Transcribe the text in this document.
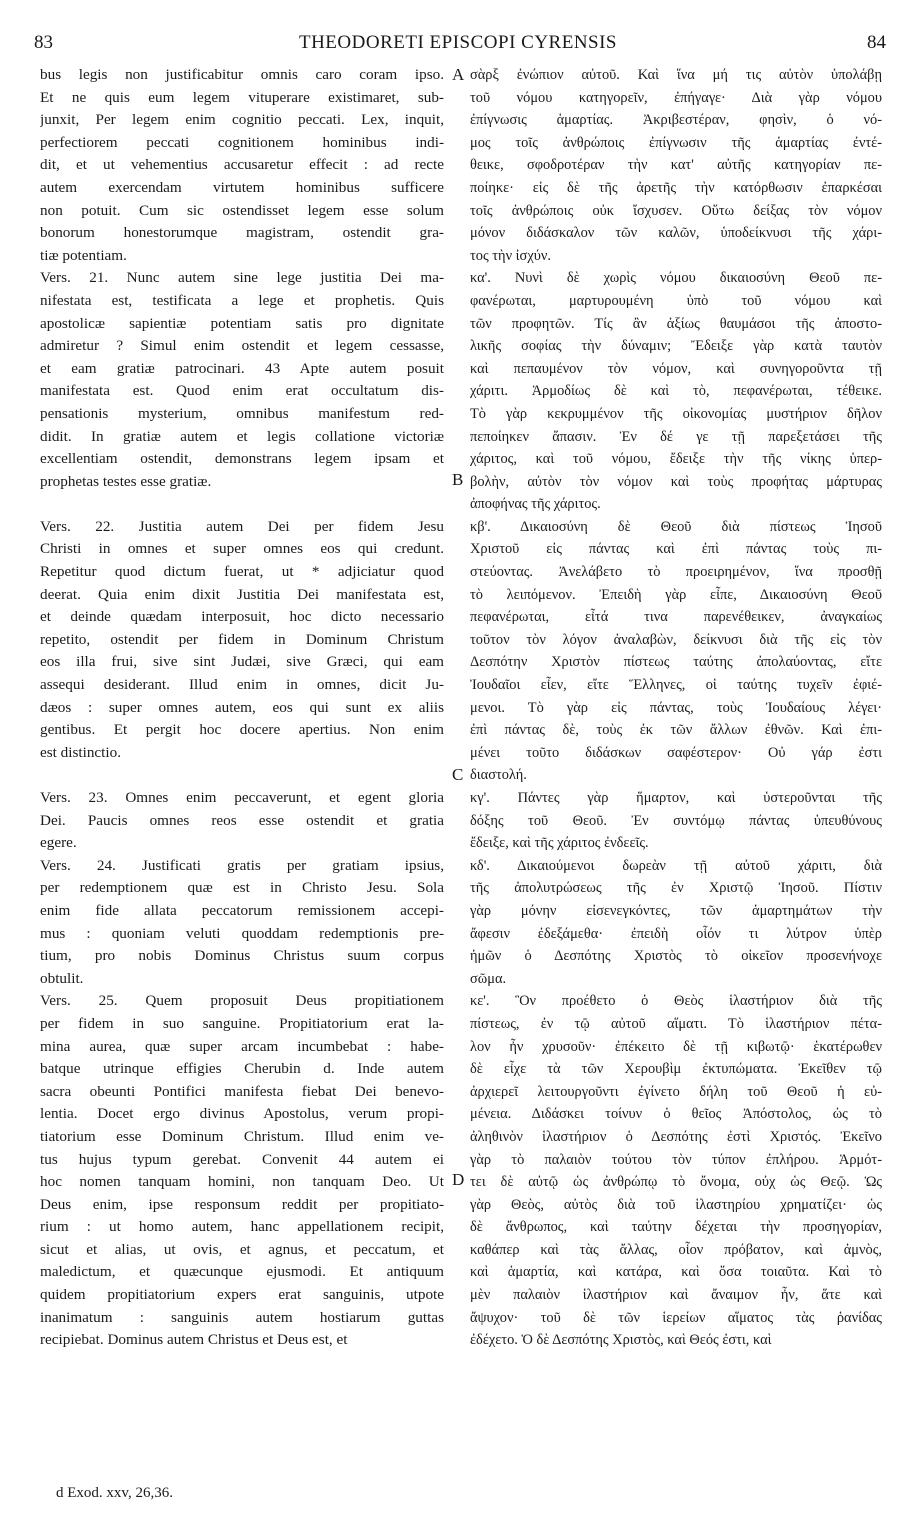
83	THEODORETI EPISCOPI CYRENSIS	84
bus legis non justificabitur omnis caro coram ipso.
Et ne quis eum legem vituperare existimaret, sub-
junxit, Per legem enim cognitio peccati. Lex, inquit,
perfectiorem peccati cognitionem hominibus indi-
dit, et ut vehementius accusaretur effecit : ad recte
autem exercendam virtutem hominibus sufficere
non potuit. Cum sic ostendisset legem esse solum
bonorum honestorumque magistram, ostendit gra-
tiæ potentiam.
Vers. 21. Nunc autem sine lege justitia Dei ma-
nifestata est, testificata a lege et prophetis. Quis
apostolicæ sapientiæ potentiam satis pro dignitate
admiretur ? Simul enim ostendit et legem cessasse,
et eam gratiæ patrocinari. 43 Apte autem posuit
manifestata est. Quod enim erat occultatum dis-
pensationis mysterium, omnibus manifestum red-
didit. In gratiæ autem et legis collatione victoriæ
excellentiam ostendit, demonstrans legem ipsam et
prophetas testes esse gratiæ.
Vers. 22. Justitia autem Dei per fidem Jesu
Christi in omnes et super omnes eos qui credunt.
Repetitur quod dictum fuerat, ut * adjiciatur quod
deerat. Quia enim dixit Justitia Dei manifestata est,
et deinde quædam interposuit, hoc dicto necessario
repetito, ostendit per fidem in Dominum Christum
eos illa frui, sive sint Judæi, sive Græci, qui eam
assequi desiderant. Illud enim in omnes, dicit Ju-
dæos : super omnes autem, eos qui sunt ex aliis
gentibus. Et pergit hoc docere apertius. Non enim
est distinctio.
Vers. 23. Omnes enim peccaverunt, et egent gloria
Dei. Paucis omnes reos esse ostendit et gratia
egere.
Vers. 24. Justificati gratis per gratiam ipsius,
per redemptionem quæ est in Christo Jesu. Sola
enim fide allata peccatorum remissionem accepi-
mus : quoniam veluti quoddam redemptionis pre-
tium, pro nobis Dominus Christus suum corpus
obtulit.
Vers. 25. Quem proposuit Deus propitiationem
per fidem in suo sanguine. Propitiatorium erat la-
mina aurea, quæ super arcam incumbebat : habe-
batque utrinque effigies Cherubin d. Inde autem
sacra obeunti Pontifici manifesta fiebat Dei benevo-
lentia. Docet ergo divinus Apostolus, verum propi-
tiatorium esse Dominum Christum. Illud enim ve-
tus hujus typum gerebat. Convenit 44 autem ei
hoc nomen tanquam homini, non tanquam Deo. Ut
Deus enim, ipse responsum reddit per propitiato-
rium : ut homo autem, hanc appellationem recipit,
sicut et alias, ut ovis, et agnus, et peccatum, et
maledictum, et quæcunque ejusmodi. Et antiquum
quidem propitiatorium expers erat sanguinis, utpote
inanimatum : sanguinis autem hostiarum guttas
recipiebat. Dominus autem Christus et Deus est, et
σὰρξ ἐνώπιον αὐτοῦ. Καὶ ἵνα μή τις αὐτὸν ὑπολάβῃ
τοῦ νόμου κατηγορεῖν, ἐπήγαγε· Διὰ γὰρ νόμου
ἐπίγνωσις ἁμαρτίας. Ἀκριβεστέραν, φησὶν, ὁ νό-
μος τοῖς ἀνθρώποις ἐπίγνωσιν τῆς ἁμαρτίας ἐντέ-
θεικε, σφοδροτέραν τὴν κατ' αὐτῆς κατηγορίαν πε-
ποίηκε· εἰς δὲ τῆς ἀρετῆς τὴν κατόρθωσιν ἐπαρκέσαι
τοῖς ἀνθρώποις οὐκ ἴσχυσεν. Οὕτω δείξας τὸν νόμον
μόνον διδάσκαλον τῶν καλῶν, ὑποδείκνυσι τῆς χάρι-
τος τὴν ἰσχύν.
κα'. Νυνὶ δὲ χωρὶς νόμου δικαιοσύνη Θεοῦ πε-
φανέρωται, μαρτυρουμένη ὑπὸ τοῦ νόμου καὶ
τῶν προφητῶν. Τίς ἂν ἀξίως θαυμάσοι τῆς ἀποστο-
λικῆς σοφίας τὴν δύναμιν; Ἔδειξε γὰρ κατὰ ταυτὸν
καὶ πεπαυμένον τὸν νόμον, καὶ συνηγοροῦντα τῇ
χάριτι. Ἁρμοδίως δὲ καὶ τὸ, πεφανέρωται, τέθεικε.
Τὸ γὰρ κεκρυμμένον τῆς οἰκονομίας μυστήριον δῆλον
πεποίηκεν ἅπασιν. Ἐν δέ γε τῇ παρεξετάσει τῆς
χάριτος, καὶ τοῦ νόμου, ἔδειξε τὴν τῆς νίκης ὑπερ-
βολὴν, αὐτὸν τὸν νόμον καὶ τοὺς προφήτας μάρτυρας
ἀποφήνας τῆς χάριτος.
κβ'. Δικαιοσύνη δὲ Θεοῦ διὰ πίστεως Ἰησοῦ
Χριστοῦ εἰς πάντας καὶ ἐπὶ πάντας τοὺς πι-
στεύοντας. Ἀνελάβετο τὸ προειρημένον, ἵνα προσθῇ
τὸ λειπόμενον. Ἐπειδὴ γὰρ εἶπε, Δικαιοσύνη Θεοῦ
πεφανέρωται, εἶτά τινα παρενέθεικεν, ἀναγκαίως
τοῦτον τὸν λόγον ἀναλαβὼν, δείκνυσι διὰ τῆς εἰς τὸν
Δεσπότην Χριστὸν πίστεως ταύτης ἀπολαύοντας, εἴτε
Ἰουδαῖοι εἶεν, εἴτε Ἕλληνες, οἱ ταύτης τυχεῖν ἐφιέ-
μενοι. Τὸ γὰρ εἰς πάντας, τοὺς Ἰουδαίους λέγει·
ἐπὶ πάντας δὲ, τοὺς ἐκ τῶν ἄλλων ἐθνῶν. Καὶ ἐπι-
μένει τοῦτο διδάσκων σαφέστερον· Οὐ γάρ ἐστι
διαστολή.
κγ'. Πάντες γὰρ ἥμαρτον, καὶ ὑστεροῦνται τῆς
δόξης τοῦ Θεοῦ. Ἐν συντόμῳ πάντας ὑπευθύνους
ἔδειξε, καὶ τῆς χάριτος ἐνδεεῖς.
κδ'. Δικαιούμενοι δωρεὰν τῇ αὐτοῦ χάριτι, διὰ
τῆς ἀπολυτρώσεως τῆς ἐν Χριστῷ Ἰησοῦ. Πίστιν
γὰρ μόνην εἰσενεγκόντες, τῶν ἁμαρτημάτων τὴν
ἄφεσιν ἐδεξάμεθα· ἐπειδὴ οἷόν τι λύτρον ὑπὲρ
ἡμῶν ὁ Δεσπότης Χριστὸς τὸ οἰκεῖον προσενήνοχε
σῶμα.
κε'. Ὃν προέθετο ὁ Θεὸς ἱλαστήριον διὰ τῆς
πίστεως, ἐν τῷ αὐτοῦ αἵματι. Τὸ ἱλαστήριον πέτα-
λον ἦν χρυσοῦν· ἐπέκειτο δὲ τῇ κιβωτῷ· ἑκατέρωθεν
δὲ εἶχε τὰ τῶν Χερουβὶμ ἐκτυπώματα. Ἐκεῖθεν τῷ
ἀρχιερεῖ λειτουργοῦντι ἐγίνετο δήλη τοῦ Θεοῦ ἡ εὐ-
μένεια. Διδάσκει τοίνυν ὁ θεῖος Ἀπόστολος, ὡς τὸ
ἀληθινὸν ἱλαστήριον ὁ Δεσπότης ἐστὶ Χριστός. Ἐκεῖνο
γὰρ τὸ παλαιὸν τούτου τὸν τύπον ἐπλήρου. Ἁρμότ-
τει δὲ αὐτῷ ὡς ἀνθρώπῳ τὸ ὄνομα, οὐχ ὡς Θεῷ. Ὡς
γὰρ Θεὸς, αὐτὸς διὰ τοῦ ἱλαστηρίου χρηματίζει· ὡς
δὲ ἄνθρωπος, καὶ ταύτην δέχεται τὴν προσηγορίαν,
καθάπερ καὶ τὰς ἄλλας, οἷον πρόβατον, καὶ ἀμνὸς,
καὶ ἁμαρτία, καὶ κατάρα, καὶ ὅσα τοιαῦτα. Καὶ τὸ
μὲν παλαιὸν ἱλαστήριον καὶ ἄναιμον ἦν, ἅτε καὶ
ἄψυχον· τοῦ δὲ τῶν ἱερείων αἵματος τὰς ῥανίδας
ἐδέχετο. Ὁ δὲ Δεσπότης Χριστὸς, καὶ Θεός ἐστι, καὶ
A
B
C
D
d Exod. xxv, 26,36.
